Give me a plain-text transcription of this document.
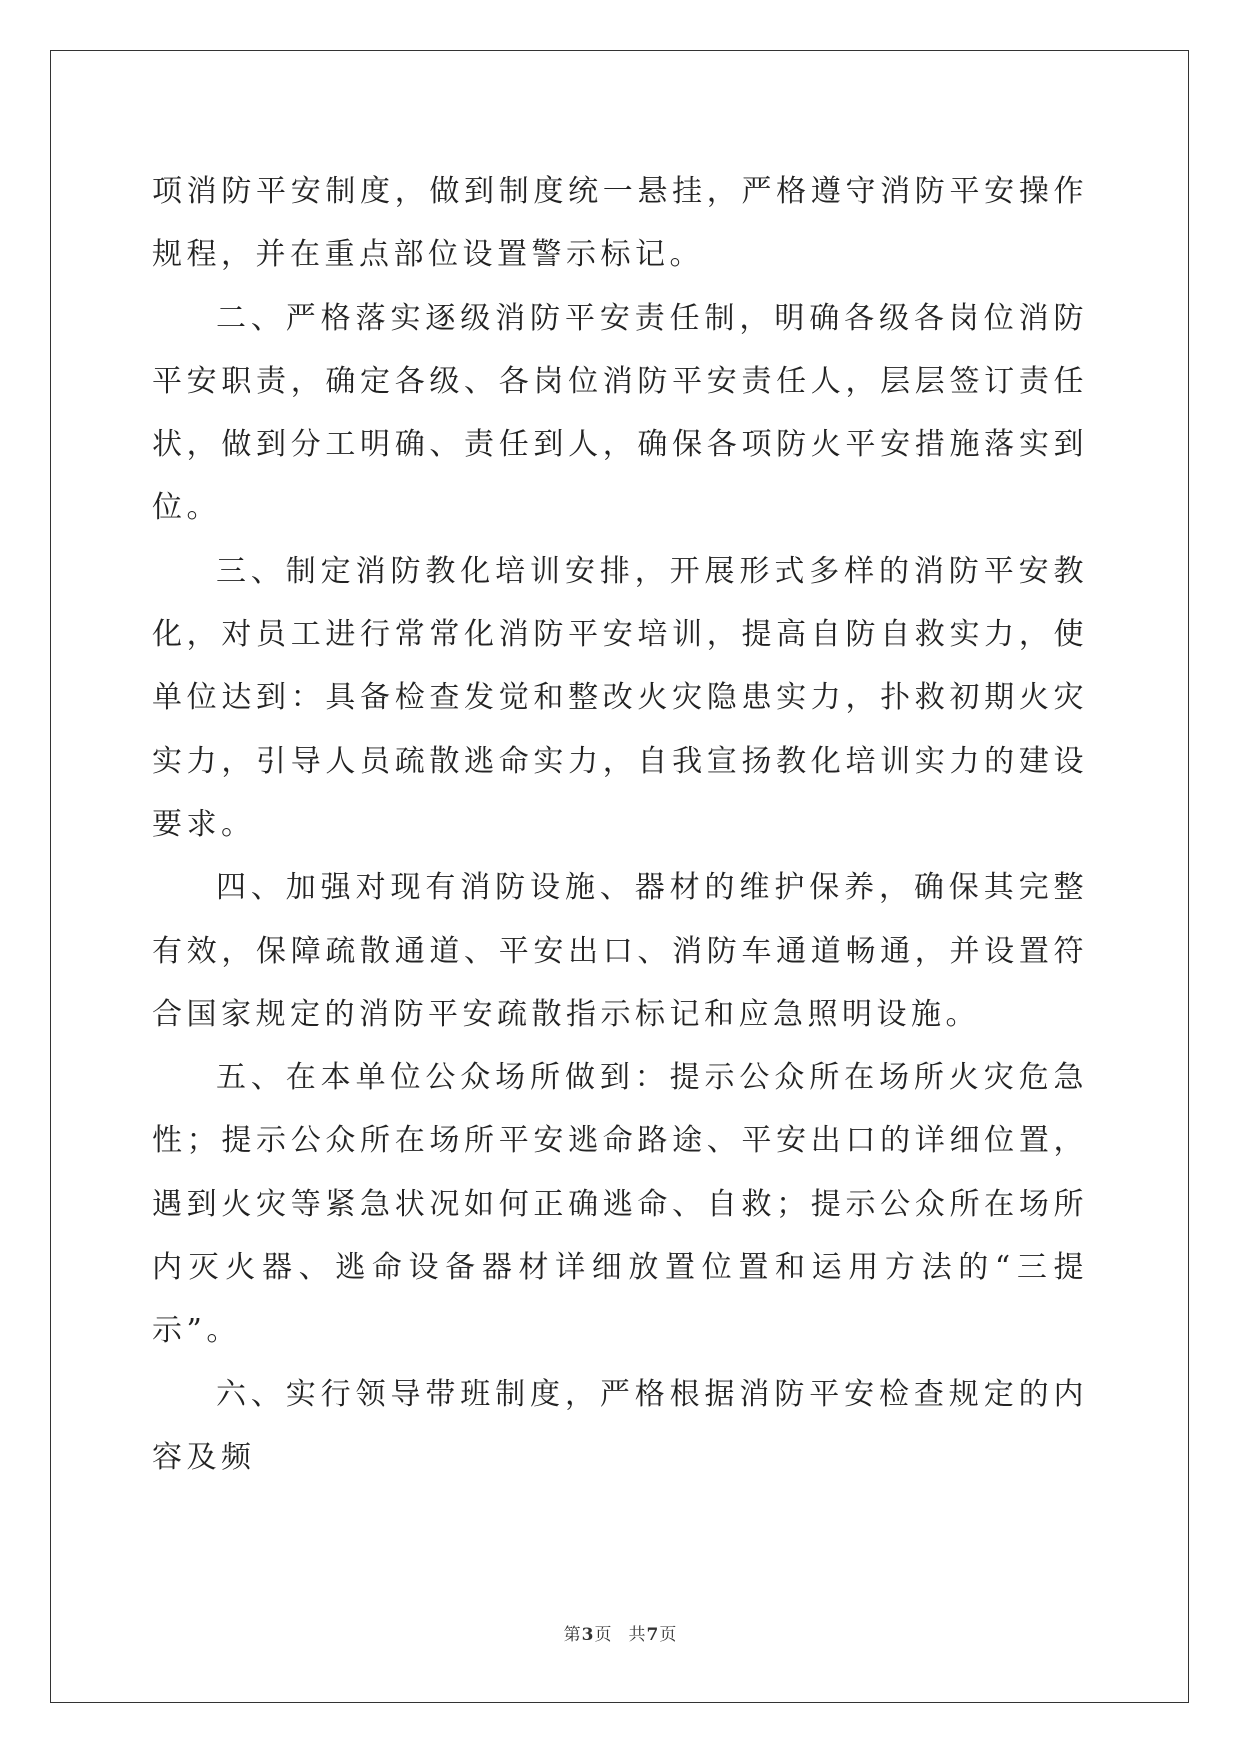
项消防平安制度，做到制度统一悬挂，严格遵守消防平安操作规程，并在重点部位设置警示标记。

二、严格落实逐级消防平安责任制，明确各级各岗位消防平安职责，确定各级、各岗位消防平安责任人，层层签订责任状，做到分工明确、责任到人，确保各项防火平安措施落实到位。

三、制定消防教化培训安排，开展形式多样的消防平安教化，对员工进行常常化消防平安培训，提高自防自救实力，使单位达到：具备检查发觉和整改火灾隐患实力，扑救初期火灾实力，引导人员疏散逃命实力，自我宣扬教化培训实力的建设要求。

四、加强对现有消防设施、器材的维护保养，确保其完整有效，保障疏散通道、平安出口、消防车通道畅通，并设置符合国家规定的消防平安疏散指示标记和应急照明设施。

五、在本单位公众场所做到：提示公众所在场所火灾危急性；提示公众所在场所平安逃命路途、平安出口的详细位置，遇到火灾等紧急状况如何正确逃命、自救；提示公众所在场所内灭火器、逃命设备器材详细放置位置和运用方法的“三提示”。

六、实行领导带班制度，严格根据消防平安检查规定的内容及频

第3页 共7页
